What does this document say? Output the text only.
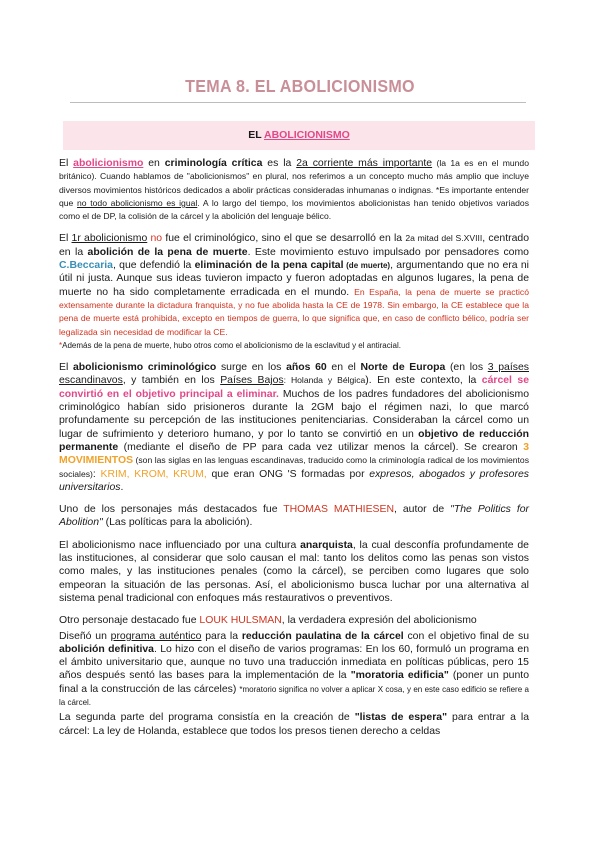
TEMA 8. EL ABOLICIONISMO
EL ABOLICIONISMO

El abolicionismo en criminología crítica es la 2a corriente más importante (la 1a es en el mundo británico). Cuando hablamos de "abolicionismos" en plural, nos referimos a un concepto mucho más amplio que incluye diversos movimientos históricos dedicados a abolir prácticas consideradas inhumanas o indignas. *Es importante entender que no todo abolicionismo es igual. A lo largo del tiempo, los movimientos abolicionistas han tenido objetivos variados como el de DP, la colisión de la cárcel y la abolición del lenguaje bélico.

El 1r abolicionismo no fue el criminológico, sino el que se desarrolló en la 2a mitad del S.XVIII, centrado en la abolición de la pena de muerte. Este movimiento estuvo impulsado por pensadores como C.Beccaria, que defendió la eliminación de la pena capital (de muerte), argumentando que no era ni útil ni justa. Aunque sus ideas tuvieron impacto y fueron adoptadas en algunos lugares, la pena de muerte no ha sido completamente erradicada en el mundo. En España, la pena de muerte se practicó extensamente durante la dictadura franquista, y no fue abolida hasta la CE de 1978. Sin embargo, la CE establece que la pena de muerte está prohibida, excepto en tiempos de guerra, lo que significa que, en caso de conflicto bélico, podría ser legalizada sin necesidad de modificar la CE.
*Además de la pena de muerte, hubo otros como el abolicionismo de la esclavitud y el antiracial.

El abolicionismo criminológico surge en los años 60 en el Norte de Europa (en los 3 países escandinavos, y también en los Países Bajos: Holanda y Bélgica). En este contexto, la cárcel se convirtió en el objetivo principal a eliminar. Muchos de los padres fundadores del abolicionismo criminológico habían sido prisioneros durante la 2GM bajo el régimen nazi, lo que marcó profundamente su percepción de las instituciones penitenciarias. Consideraban la cárcel como un lugar de sufrimiento y deterioro humano, y por lo tanto se convirtió en un objetivo de reducción permanente (mediante el diseño de PP para cada vez utilizar menos la cárcel). Se crearon 3 MOVIMIENTOS (son las siglas en las lenguas escandinavas, traducido como la criminología radical de los movimientos sociales): KRIM, KROM, KRUM, que eran ONG 'S formadas por expresos, abogados y profesores universitarios.

Uno de los personajes más destacados fue THOMAS MATHIESEN, autor de "The Politics for Abolition" (Las políticas para la abolición).

El abolicionismo nace influenciado por una cultura anarquista, la cual desconfía profundamente de las instituciones, al considerar que solo causan el mal: tanto los delitos como las penas son vistos como males, y las instituciones penales (como la cárcel), se perciben como lugares que solo empeoran la situación de las personas. Así, el abolicionismo busca luchar por una alternativa al sistema penal tradicional con enfoques más restaurativos o preventivos.

Otro personaje destacado fue LOUK HULSMAN, la verdadera expresión del abolicionismo

Diseñó un programa auténtico para la reducción paulatina de la cárcel con el objetivo final de su abolición definitiva. Lo hizo con el diseño de varios programas: En los 60, formuló un programa en el ámbito universitario que, aunque no tuvo una traducción inmediata en políticas públicas, pero 15 años después sentó las bases para la implementación de la "moratoria edificia" (poner un punto final a la construcción de las cárceles) *moratorio significa no volver a aplicar X cosa, y en este caso edificio se refiere a la cárcel.

La segunda parte del programa consistía en la creación de "listas de espera" para entrar a la cárcel: La ley de Holanda, establece que todos los presos tienen derecho a celdas
